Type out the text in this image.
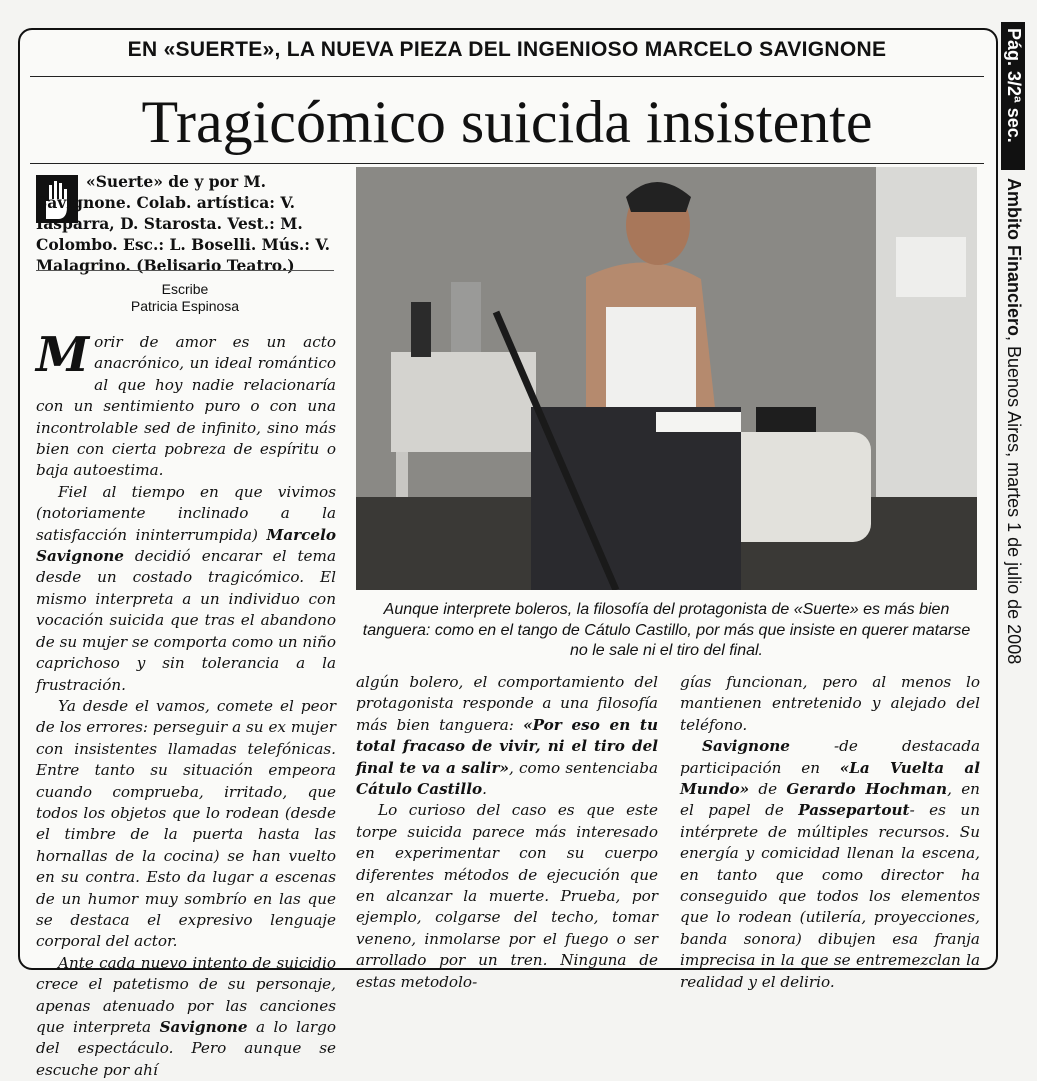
EN «SUERTE», LA NUEVA PIEZA DEL INGENIOSO MARCELO SAVIGNONE
Tragicómico suicida insistente
«Suerte» de y por M. Savignone. Colab. artística: V. Iasparra, D. Starosta. Vest.: M. Colombo. Esc.: L. Boselli. Mús.: V. Malagrino. (Belisario Teatro.)
Escribe
Patricia Espinosa

Morir de amor es un acto anacrónico, un ideal romántico al que hoy nadie relacionaría con un sentimiento puro o con una incontrolable sed de infinito, sino más bien con cierta pobreza de espíritu o baja autoestima.

Fiel al tiempo en que vivimos (notoriamente inclinado a la satisfacción ininterrumpida) Marcelo Savignone decidió encarar el tema desde un costado tragicómico. El mismo interpreta a un individuo con vocación suicida que tras el abandono de su mujer se comporta como un niño caprichoso y sin tolerancia a la frustración.

Ya desde el vamos, comete el peor de los errores: perseguir a su ex mujer con insistentes llamadas telefónicas. Entre tanto su situación empeora cuando comprueba, irritado, que todos los objetos que lo rodean (desde el timbre de la puerta hasta las hornallas de la cocina) se han vuelto en su contra. Esto da lugar a escenas de un humor muy sombrío en las que se destaca el expresivo lenguaje corporal del actor.

Ante cada nuevo intento de suicidio crece el patetismo de su personaje, apenas atenuado por las canciones que interpreta Savignone a lo largo del espectáculo. Pero aunque se escuche por ahí

Aunque interprete boleros, la filosofía del protagonista de «Suerte» es más bien tanguera: como en el tango de Cátulo Castillo, por más que insiste en querer matarse no le sale ni el tiro del final.

algún bolero, el comportamiento del protagonista responde a una filosofía más bien tanguera: «Por eso en tu total fracaso de vivir, ni el tiro del final te va a salir», como sentenciaba Cátulo Castillo.

Lo curioso del caso es que este torpe suicida parece más interesado en experimentar con su cuerpo diferentes métodos de ejecución que en alcanzar la muerte. Prueba, por ejemplo, colgarse del techo, tomar veneno, inmolarse por el fuego o ser arrollado por un tren. Ninguna de estas metodolo-

gías funcionan, pero al menos lo mantienen entretenido y alejado del teléfono.

Savignone -de destacada participación en «La Vuelta al Mundo» de Gerardo Hochman, en el papel de Passepartout- es un intérprete de múltiples recursos. Su energía y comicidad llenan la escena, en tanto que como director ha conseguido que todos los elementos que lo rodean (utilería, proyecciones, banda sonora) dibujen esa franja imprecisa in la que se entremezclan la realidad y el delirio.

Pág. 3/2ª sec.
Ambito Financiero, Buenos Aires, martes 1 de julio de 2008
